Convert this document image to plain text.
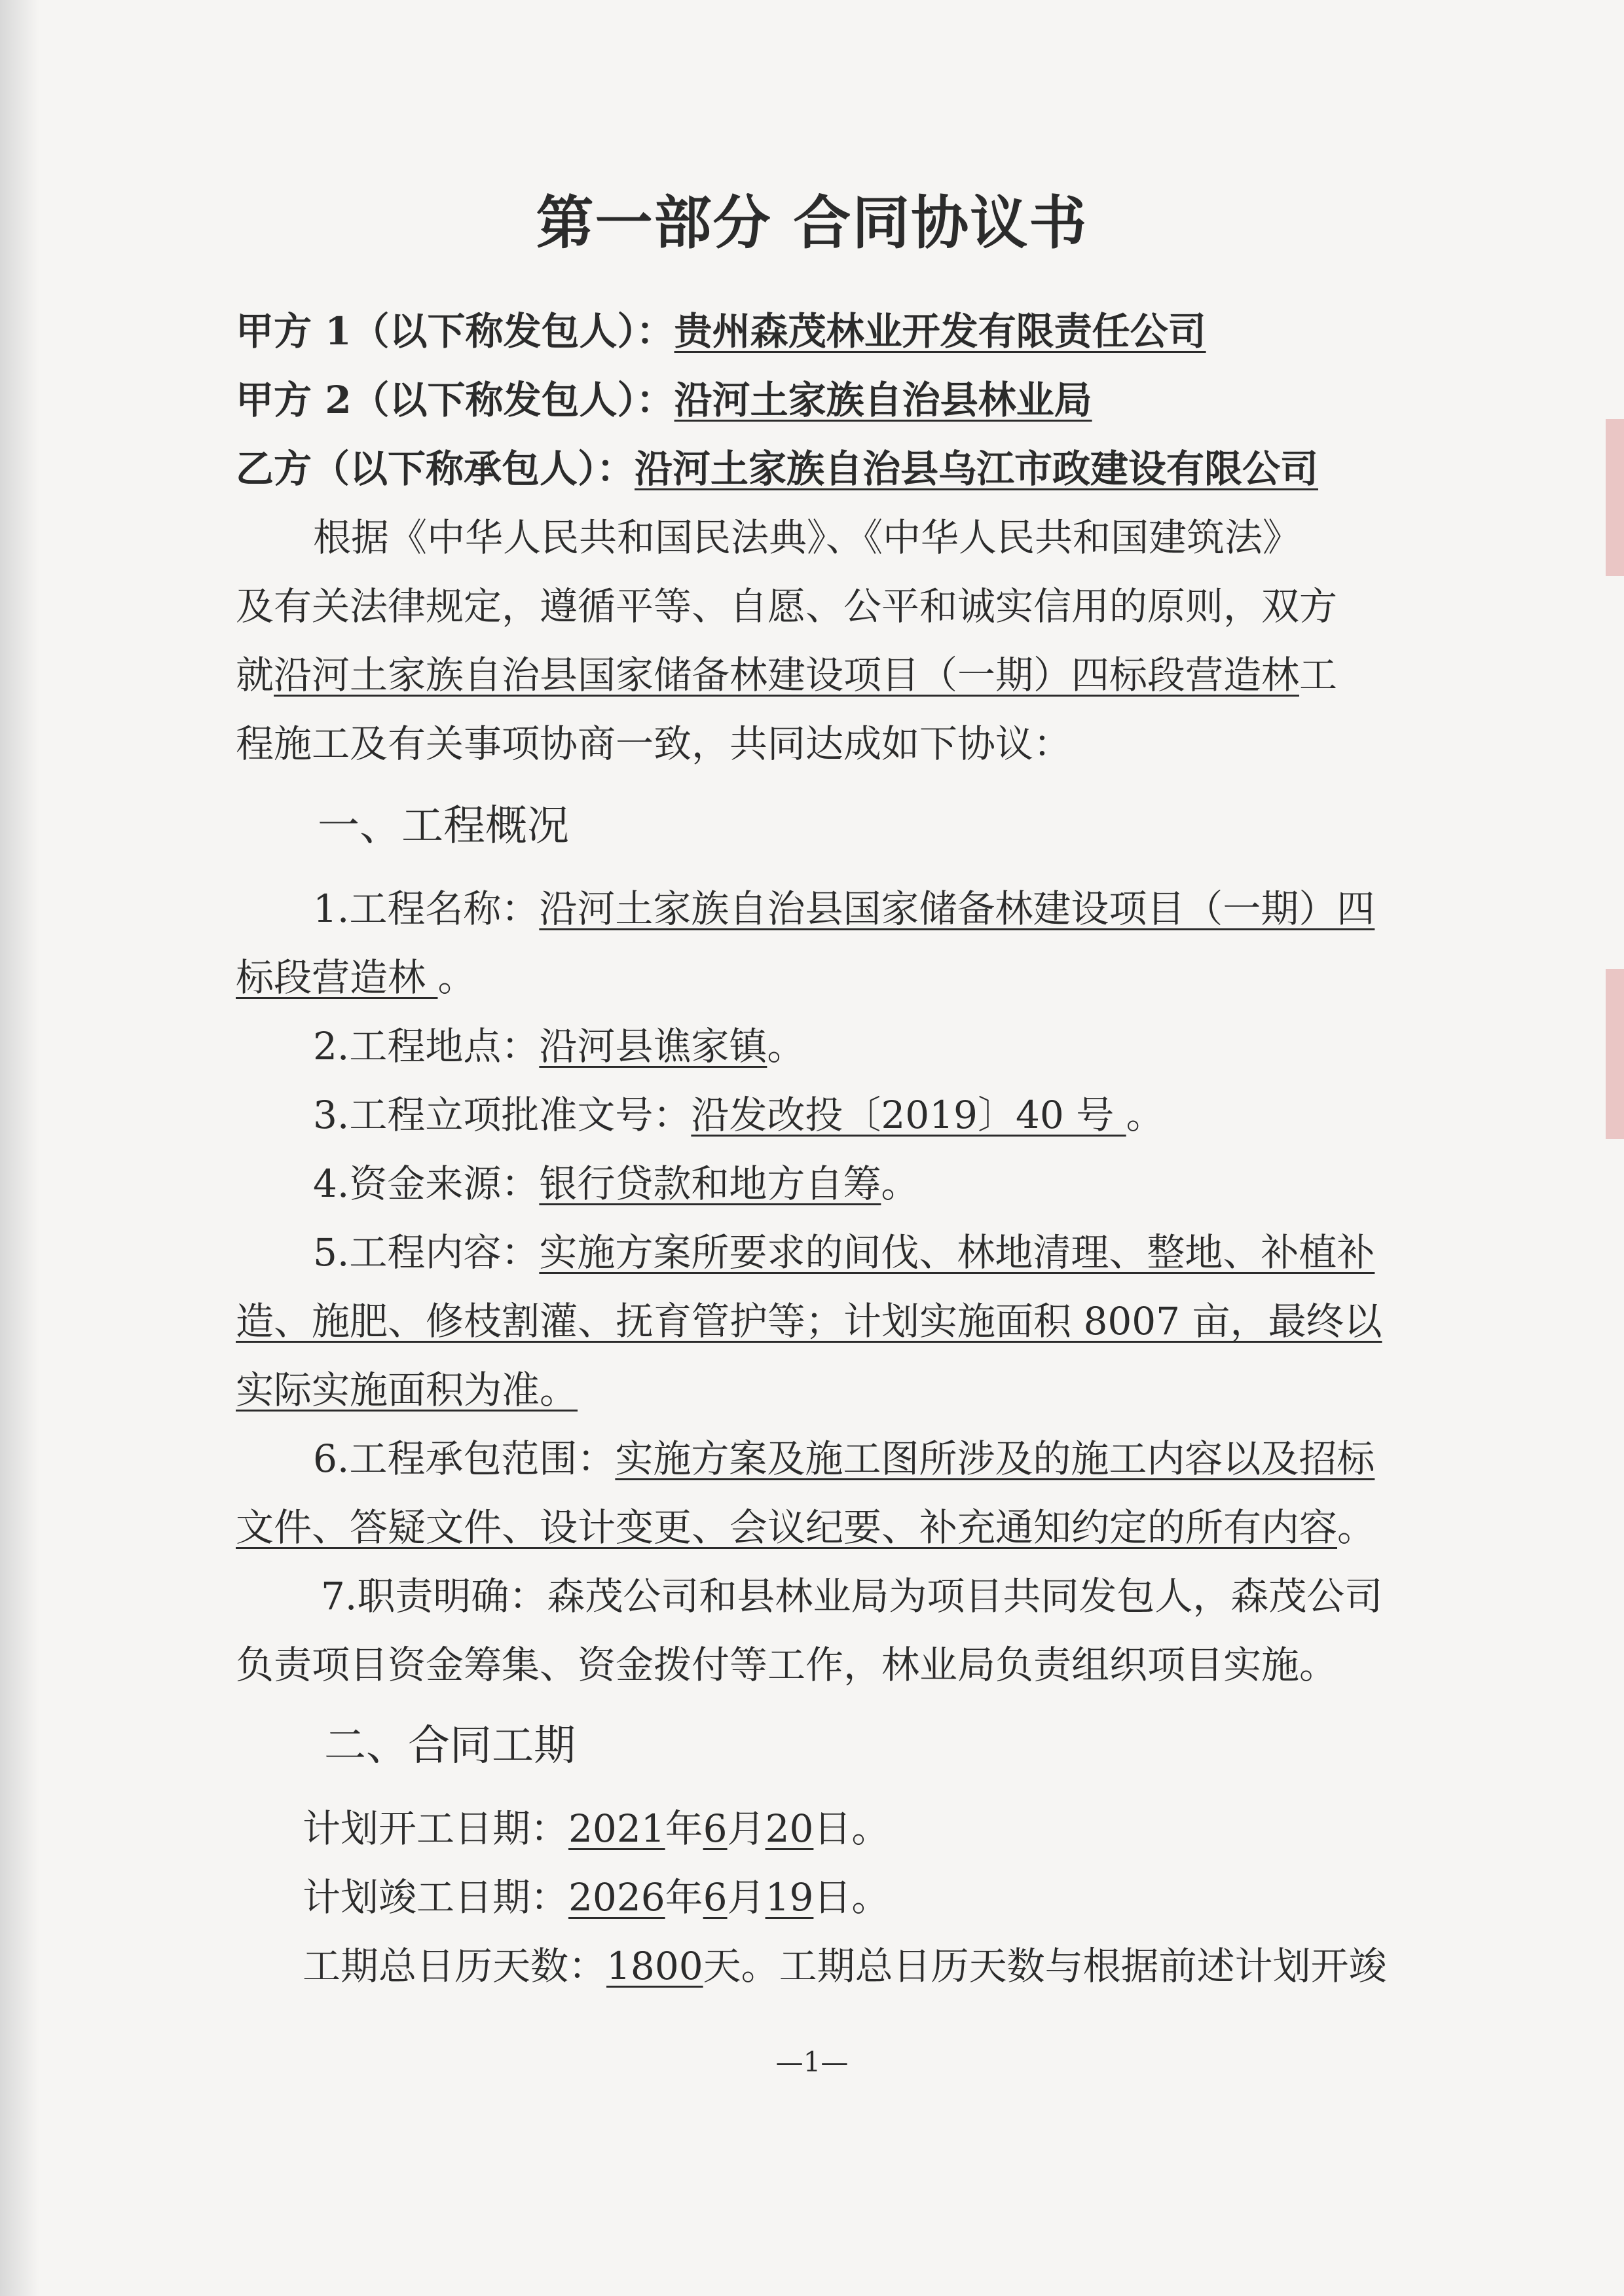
第一部分 合同协议书
甲方 1（以下称发包人）：贵州森茂林业开发有限责任公司
甲方 2（以下称发包人）：沿河土家族自治县林业局
乙方（以下称承包人）：沿河土家族自治县乌江市政建设有限公司
根据《中华人民共和国民法典》、《中华人民共和国建筑法》
及有关法律规定，遵循平等、自愿、公平和诚实信用的原则，双方
就沿河土家族自治县国家储备林建设项目（一期）四标段营造林工
程施工及有关事项协商一致，共同达成如下协议：
一、工程概况
1.工程名称：沿河土家族自治县国家储备林建设项目（一期）四
标段营造林 。
2.工程地点：沿河县谯家镇。
3.工程立项批准文号：沿发改投〔2019〕40 号 。
4.资金来源：银行贷款和地方自筹。
5.工程内容：实施方案所要求的间伐、林地清理、整地、补植补
造、施肥、修枝割灌、抚育管护等；计划实施面积 8007 亩，最终以
实际实施面积为准。
6.工程承包范围：实施方案及施工图所涉及的施工内容以及招标
文件、答疑文件、设计变更、会议纪要、补充通知约定的所有内容。
7.职责明确：森茂公司和县林业局为项目共同发包人，森茂公司
负责项目资金筹集、资金拨付等工作，林业局负责组织项目实施。
二、合同工期
计划开工日期：2021年6月20日。
计划竣工日期：2026年6月19日。
工期总日历天数：1800天。工期总日历天数与根据前述计划开竣
—1—
